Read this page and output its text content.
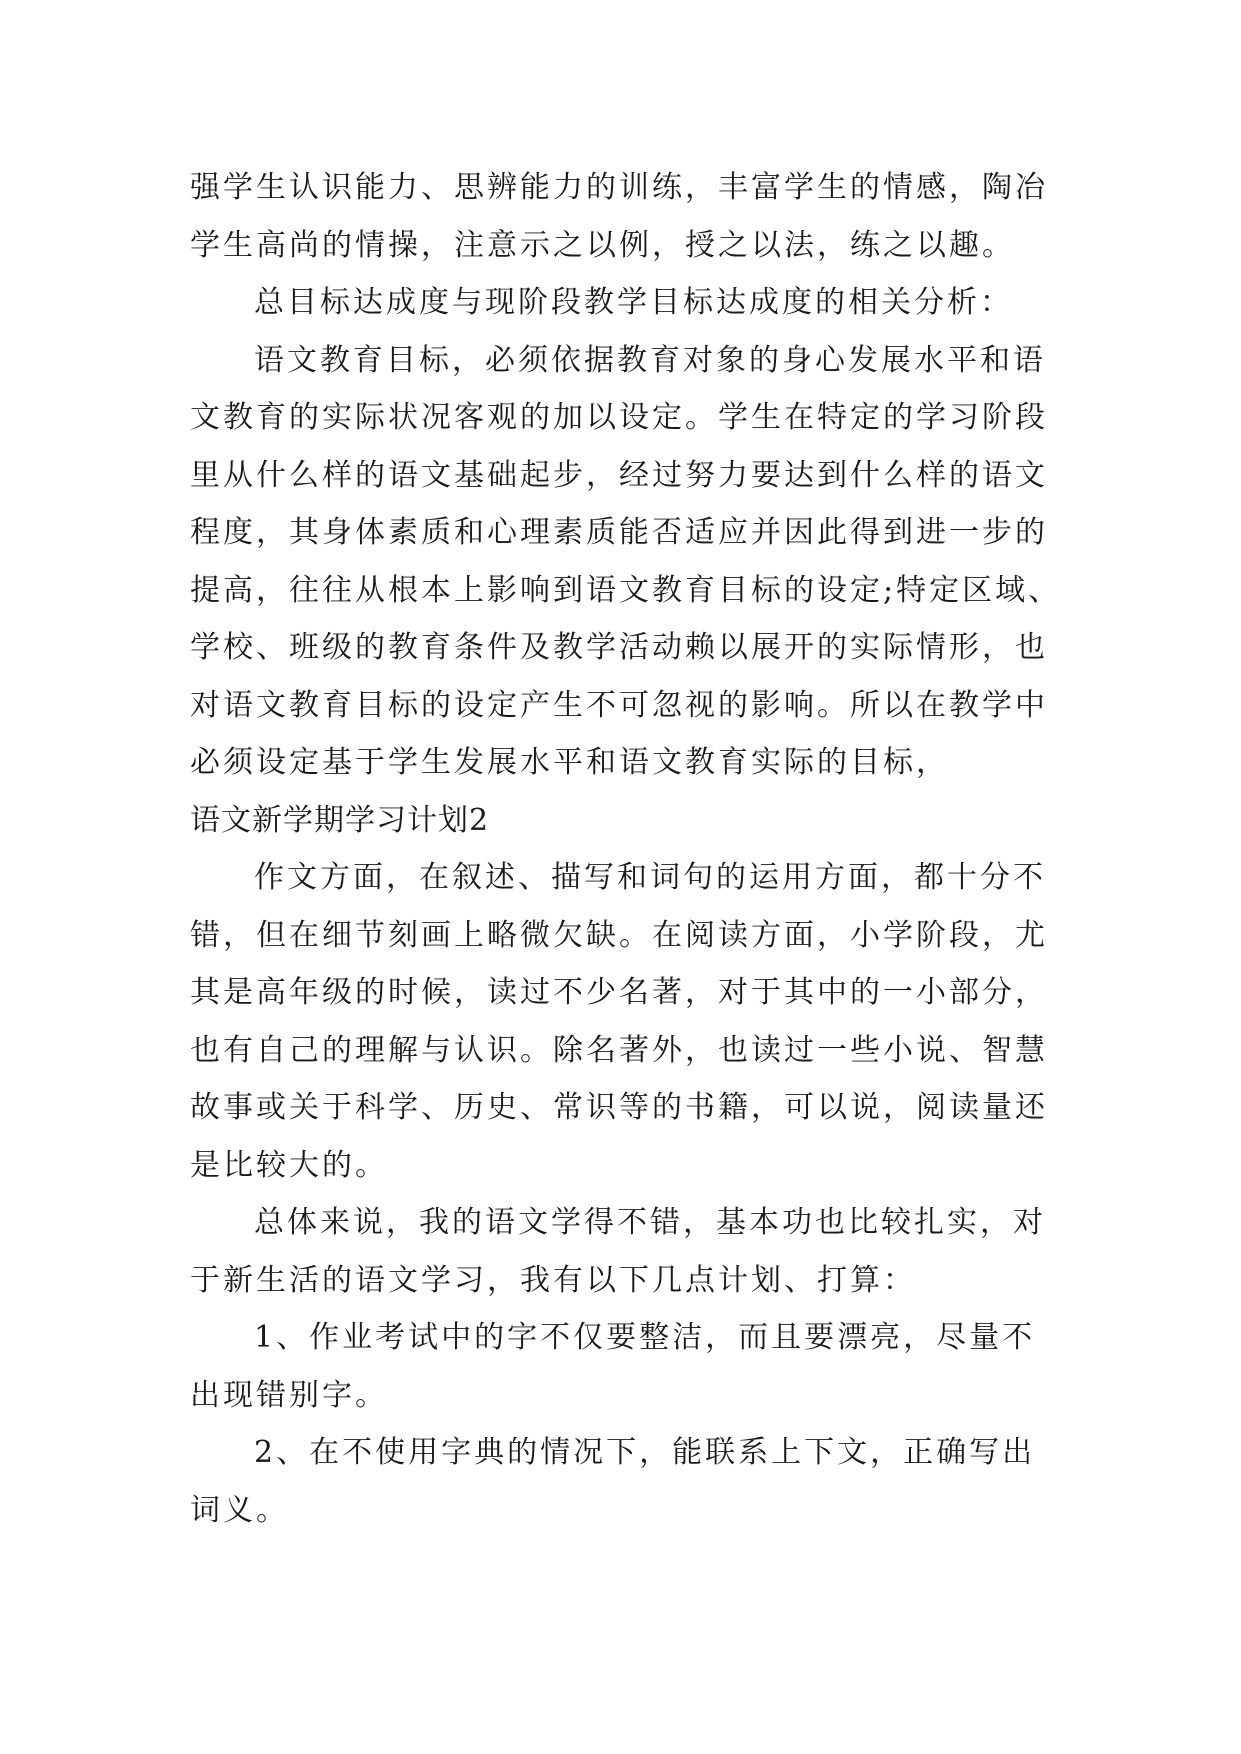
强学生认识能力、思辨能力的训练，丰富学生的情感，陶冶

学生高尚的情操，注意示之以例，授之以法，练之以趣。

总目标达成度与现阶段教学目标达成度的相关分析：

语文教育目标，必须依据教育对象的身心发展水平和语

文教育的实际状况客观的加以设定。学生在特定的学习阶段

里从什么样的语文基础起步，经过努力要达到什么样的语文

程度，其身体素质和心理素质能否适应并因此得到进一步的

提高，往往从根本上影响到语文教育目标的设定;特定区域、

学校、班级的教育条件及教学活动赖以展开的实际情形，也

对语文教育目标的设定产生不可忽视的影响。所以在教学中

必须设定基于学生发展水平和语文教育实际的目标，

语文新学期学习计划2

作文方面，在叙述、描写和词句的运用方面，都十分不

错，但在细节刻画上略微欠缺。在阅读方面，小学阶段，尤

其是高年级的时候，读过不少名著，对于其中的一小部分，

也有自己的理解与认识。除名著外，也读过一些小说、智慧

故事或关于科学、历史、常识等的书籍，可以说，阅读量还

是比较大的。

总体来说，我的语文学得不错，基本功也比较扎实，对

于新生活的语文学习，我有以下几点计划、打算：

1、作业考试中的字不仅要整洁，而且要漂亮，尽量不

出现错别字。

2、在不使用字典的情况下，能联系上下文，正确写出

词义。
